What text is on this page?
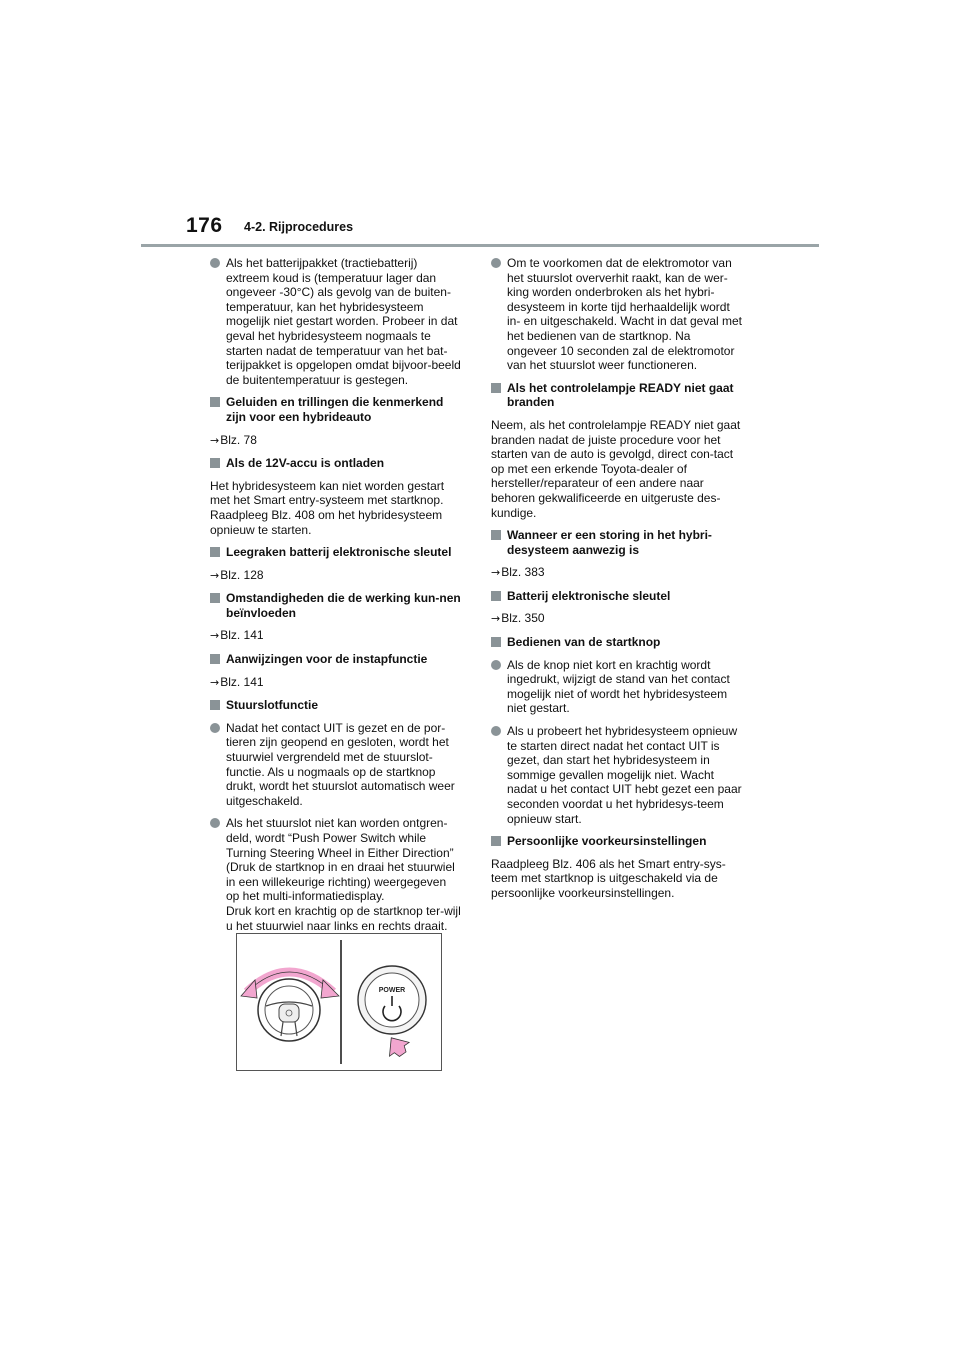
176 4-2. Rijprocedures
Als het batterijpakket (tractiebatterij) extreem koud is (temperatuur lager dan ongeveer -30°C) als gevolg van de buiten-temperatuur, kan het hybridesysteem mogelijk niet gestart worden. Probeer in dat geval het hybridesysteem nogmaals te starten nadat de temperatuur van het bat-terijpakket is opgelopen omdat bijvoor-beeld de buitentemperatuur is gestegen.
Geluiden en trillingen die kenmerkend zijn voor een hybrideauto
→Blz. 78
Als de 12V-accu is ontladen
Het hybridesysteem kan niet worden gestart met het Smart entry-systeem met startknop. Raadpleeg Blz. 408 om het hybridesysteem opnieuw te starten.
Leegraken batterij elektronische sleutel
→Blz. 128
Omstandigheden die de werking kun-nen beïnvloeden
→Blz. 141
Aanwijzingen voor de instapfunctie
→Blz. 141
Stuurslotfunctie
Nadat het contact UIT is gezet en de por-tieren zijn geopend en gesloten, wordt het stuurwiel vergrendeld met de stuurslot-functie. Als u nogmaals op de startknop drukt, wordt het stuurslot automatisch weer uitgeschakeld.
Als het stuurslot niet kan worden ontgren-deld, wordt “Push Power Switch while Turning Steering Wheel in Either Direction” (Druk de startknop in en draai het stuurwiel in een willekeurige richting) weergegeven op het multi-informatiedisplay.
Druk kort en krachtig op de startknop ter-wijl u het stuurwiel naar links en rechts draait.
POWER
Om te voorkomen dat de elektromotor van het stuurslot oververhit raakt, kan de wer-king worden onderbroken als het hybri-desysteem in korte tijd herhaaldelijk wordt in- en uitgeschakeld. Wacht in dat geval met het bedienen van de startknop. Na ongeveer 10 seconden zal de elektromotor van het stuurslot weer functioneren.
Als het controlelampje READY niet gaat branden
Neem, als het controlelampje READY niet gaat branden nadat de juiste procedure voor het starten van de auto is gevolgd, direct con-tact op met een erkende Toyota-dealer of hersteller/reparateur of een andere naar behoren gekwalificeerde en uitgeruste des-kundige.
Wanneer er een storing in het hybri-desysteem aanwezig is
→Blz. 383
Batterij elektronische sleutel
→Blz. 350
Bedienen van de startknop
Als de knop niet kort en krachtig wordt ingedrukt, wijzigt de stand van het contact mogelijk niet of wordt het hybridesysteem niet gestart.
Als u probeert het hybridesysteem opnieuw te starten direct nadat het contact UIT is gezet, dan start het hybridesysteem in sommige gevallen mogelijk niet. Wacht nadat u het contact UIT hebt gezet een paar seconden voordat u het hybridesys-teem opnieuw start.
Persoonlijke voorkeursinstellingen
Raadpleeg Blz. 406 als het Smart entry-sys-teem met startknop is uitgeschakeld via de persoonlijke voorkeursinstellingen.
